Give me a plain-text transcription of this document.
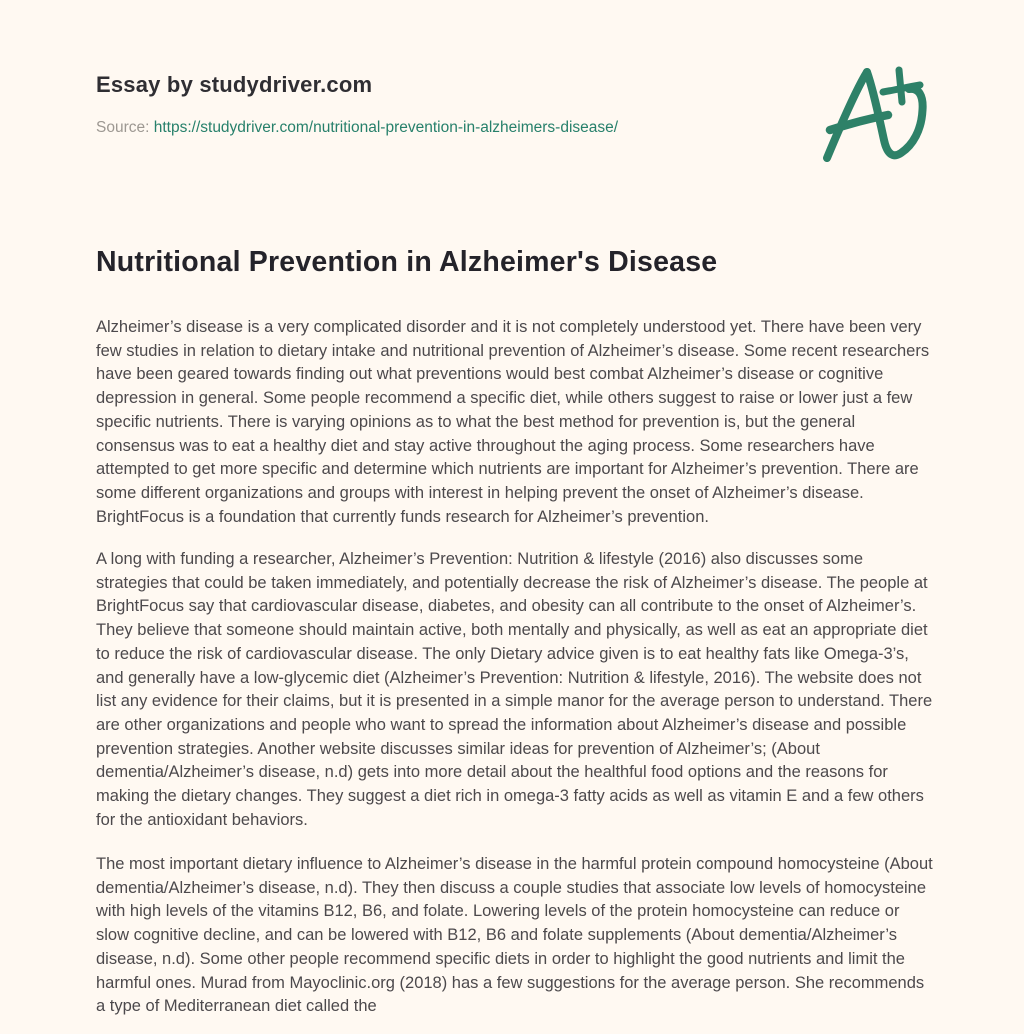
Essay by studydriver.com
Source: https://studydriver.com/nutritional-prevention-in-alzheimers-disease/
Nutritional Prevention in Alzheimer's Disease

Alzheimer’s disease is a very complicated disorder and it is not completely understood yet. There have been very few studies in relation to dietary intake and nutritional prevention of Alzheimer’s disease. Some recent researchers have been geared towards finding out what preventions would best combat Alzheimer’s disease or cognitive depression in general. Some people recommend a specific diet, while others suggest to raise or lower just a few specific nutrients. There is varying opinions as to what the best method for prevention is, but the general consensus was to eat a healthy diet and stay active throughout the aging process. Some researchers have attempted to get more specific and determine which nutrients are important for Alzheimer’s prevention. There are some different organizations and groups with interest in helping prevent the onset of Alzheimer’s disease. BrightFocus is a foundation that currently funds research for Alzheimer’s prevention.

A long with funding a researcher, Alzheimer’s Prevention: Nutrition & lifestyle (2016) also discusses some strategies that could be taken immediately, and potentially decrease the risk of Alzheimer’s disease. The people at BrightFocus say that cardiovascular disease, diabetes, and obesity can all contribute to the onset of Alzheimer’s. They believe that someone should maintain active, both mentally and physically, as well as eat an appropriate diet to reduce the risk of cardiovascular disease. The only Dietary advice given is to eat healthy fats like Omega-3’s, and generally have a low-glycemic diet (Alzheimer’s Prevention: Nutrition & lifestyle, 2016). The website does not list any evidence for their claims, but it is presented in a simple manor for the average person to understand. There are other organizations and people who want to spread the information about Alzheimer’s disease and possible prevention strategies. Another website discusses similar ideas for prevention of Alzheimer’s; (About dementia/Alzheimer’s disease, n.d) gets into more detail about the healthful food options and the reasons for making the dietary changes. They suggest a diet rich in omega-3 fatty acids as well as vitamin E and a few others for the antioxidant behaviors.

The most important dietary influence to Alzheimer’s disease in the harmful protein compound homocysteine (About dementia/Alzheimer’s disease, n.d). They then discuss a couple studies that associate low levels of homocysteine with high levels of the vitamins B12, B6, and folate. Lowering levels of the protein homocysteine can reduce or slow cognitive decline, and can be lowered with B12, B6 and folate supplements (About dementia/Alzheimer’s disease, n.d). Some other people recommend specific diets in order to highlight the good nutrients and limit the harmful ones. Murad from Mayoclinic.org (2018) has a few suggestions for the average person. She recommends a type of Mediterranean diet called the
